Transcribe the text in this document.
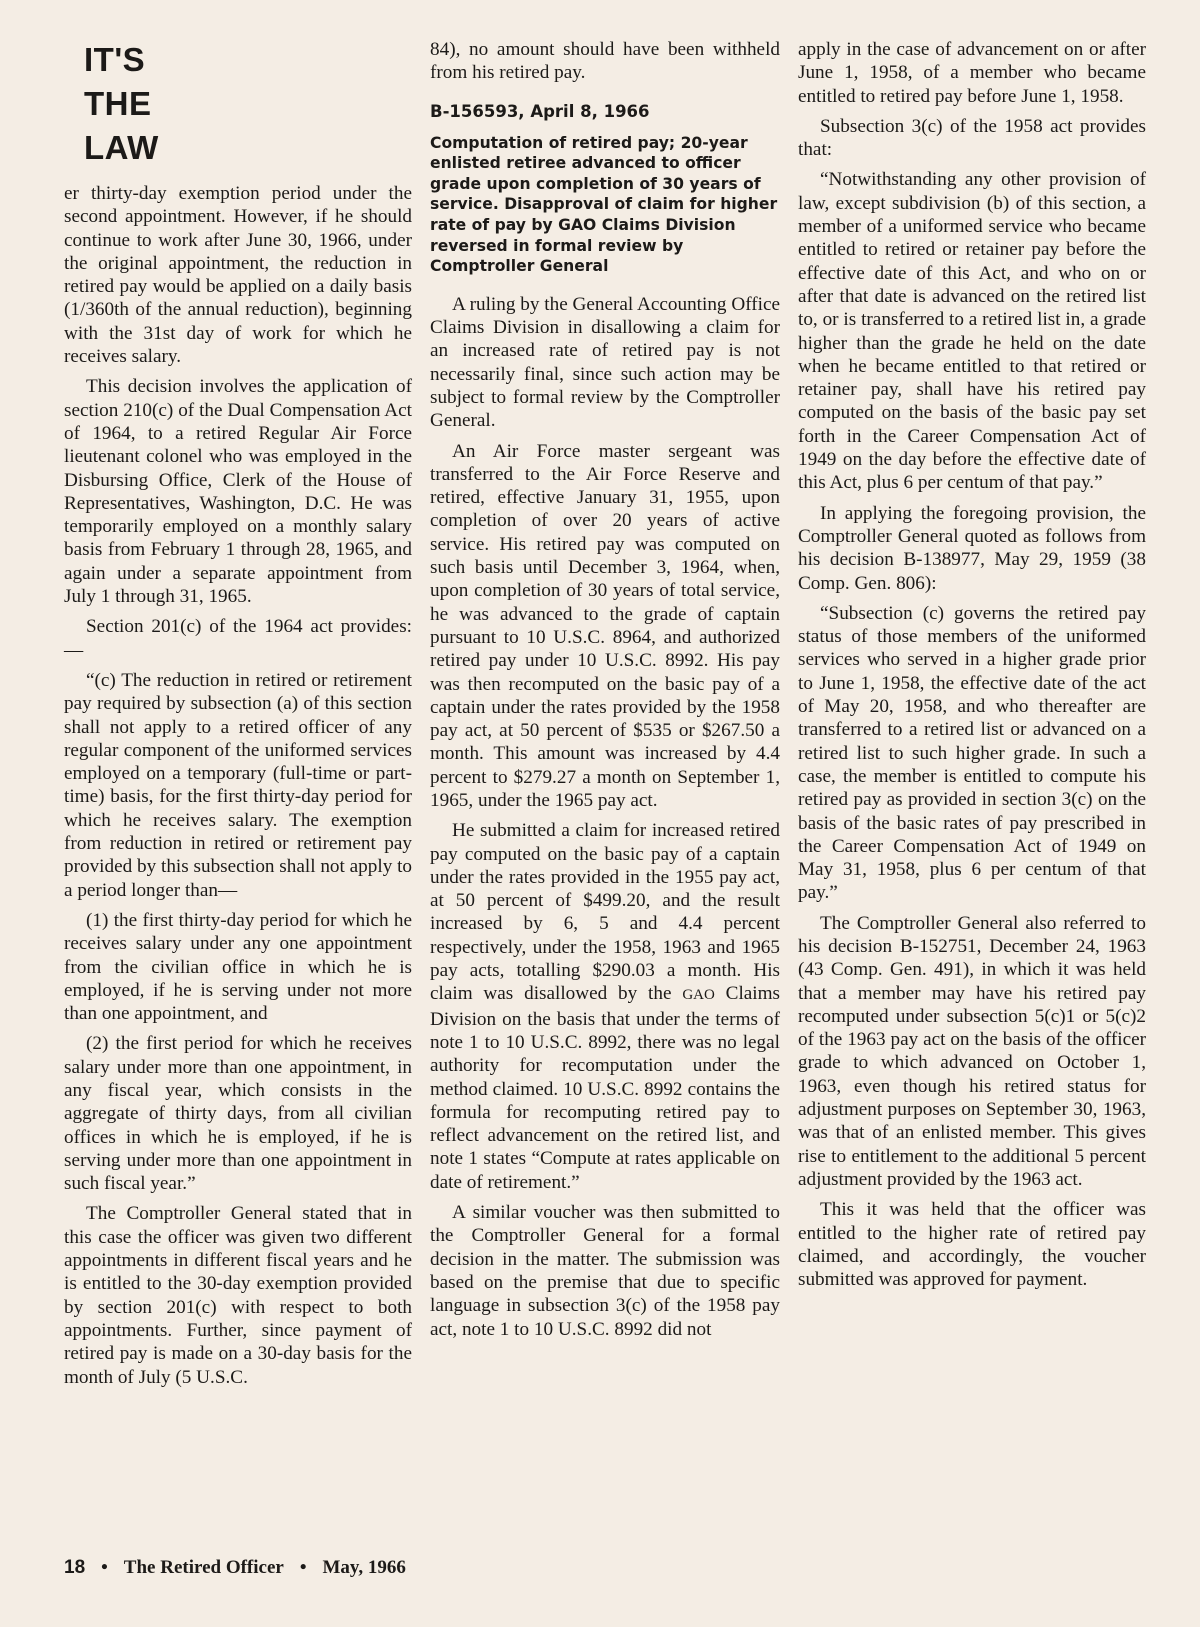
IT'S
THE
LAW

er thirty-day exemption period under the second appointment. However, if he should continue to work after June 30, 1966, under the original appointment, the reduction in retired pay would be applied on a daily basis (1/360th of the annual reduction), beginning with the 31st day of work for which he receives salary.

This decision involves the application of section 210(c) of the Dual Compensation Act of 1964, to a retired Regular Air Force lieutenant colonel who was employed in the Disbursing Office, Clerk of the House of Representatives, Washington, D.C. He was temporarily employed on a monthly salary basis from February 1 through 28, 1965, and again under a separate appointment from July 1 through 31, 1965.

Section 201(c) of the 1964 act provides:—

“(c) The reduction in retired or retirement pay required by subsection (a) of this section shall not apply to a retired officer of any regular component of the uniformed services employed on a temporary (full-time or part-time) basis, for the first thirty-day period for which he receives salary. The exemption from reduction in retired or retirement pay provided by this subsection shall not apply to a period longer than—

(1) the first thirty-day period for which he receives salary under any one appointment from the civilian office in which he is employed, if he is serving under not more than one appointment, and

(2) the first period for which he receives salary under more than one appointment, in any fiscal year, which consists in the aggregate of thirty days, from all civilian offices in which he is employed, if he is serving under more than one appointment in such fiscal year.”

The Comptroller General stated that in this case the officer was given two different appointments in different fiscal years and he is entitled to the 30-day exemption provided by section 201(c) with respect to both appointments. Further, since payment of retired pay is made on a 30-day basis for the month of July (5 U.S.C.

84), no amount should have been withheld from his retired pay.

B-156593, April 8, 1966
Computation of retired pay; 20-year enlisted retiree advanced to officer grade upon completion of 30 years of service. Disapproval of claim for higher rate of pay by GAO Claims Division reversed in formal review by Comptroller General

A ruling by the General Accounting Office Claims Division in disallowing a claim for an increased rate of retired pay is not necessarily final, since such action may be subject to formal review by the Comptroller General.

An Air Force master sergeant was transferred to the Air Force Reserve and retired, effective January 31, 1955, upon completion of over 20 years of active service. His retired pay was computed on such basis until December 3, 1964, when, upon completion of 30 years of total service, he was advanced to the grade of captain pursuant to 10 U.S.C. 8964, and authorized retired pay under 10 U.S.C. 8992. His pay was then recomputed on the basic pay of a captain under the rates provided by the 1958 pay act, at 50 percent of $535 or $267.50 a month. This amount was increased by 4.4 percent to $279.27 a month on September 1, 1965, under the 1965 pay act.

He submitted a claim for increased retired pay computed on the basic pay of a captain under the rates provided in the 1955 pay act, at 50 percent of $499.20, and the result increased by 6, 5 and 4.4 percent respectively, under the 1958, 1963 and 1965 pay acts, totalling $290.03 a month. His claim was disallowed by the GAO Claims Division on the basis that under the terms of note 1 to 10 U.S.C. 8992, there was no legal authority for recomputation under the method claimed. 10 U.S.C. 8992 contains the formula for recomputing retired pay to reflect advancement on the retired list, and note 1 states “Compute at rates applicable on date of retirement.”

A similar voucher was then submitted to the Comptroller General for a formal decision in the matter. The submission was based on the premise that due to specific language in subsection 3(c) of the 1958 pay act, note 1 to 10 U.S.C. 8992 did not

apply in the case of advancement on or after June 1, 1958, of a member who became entitled to retired pay before June 1, 1958.

Subsection 3(c) of the 1958 act provides that:

“Notwithstanding any other provision of law, except subdivision (b) of this section, a member of a uniformed service who became entitled to retired or retainer pay before the effective date of this Act, and who on or after that date is advanced on the retired list to, or is transferred to a retired list in, a grade higher than the grade he held on the date when he became entitled to that retired or retainer pay, shall have his retired pay computed on the basis of the basic pay set forth in the Career Compensation Act of 1949 on the day before the effective date of this Act, plus 6 per centum of that pay.”

In applying the foregoing provision, the Comptroller General quoted as follows from his decision B-138977, May 29, 1959 (38 Comp. Gen. 806):

“Subsection (c) governs the retired pay status of those members of the uniformed services who served in a higher grade prior to June 1, 1958, the effective date of the act of May 20, 1958, and who thereafter are transferred to a retired list or advanced on a retired list to such higher grade. In such a case, the member is entitled to compute his retired pay as provided in section 3(c) on the basis of the basic rates of pay prescribed in the Career Compensation Act of 1949 on May 31, 1958, plus 6 per centum of that pay.”

The Comptroller General also referred to his decision B-152751, December 24, 1963 (43 Comp. Gen. 491), in which it was held that a member may have his retired pay recomputed under subsection 5(c)1 or 5(c)2 of the 1963 pay act on the basis of the officer grade to which advanced on October 1, 1963, even though his retired status for adjustment purposes on September 30, 1963, was that of an enlisted member. This gives rise to entitlement to the additional 5 percent adjustment provided by the 1963 act.

This it was held that the officer was entitled to the higher rate of retired pay claimed, and accordingly, the voucher submitted was approved for payment.

18 • The Retired Officer • May, 1966
